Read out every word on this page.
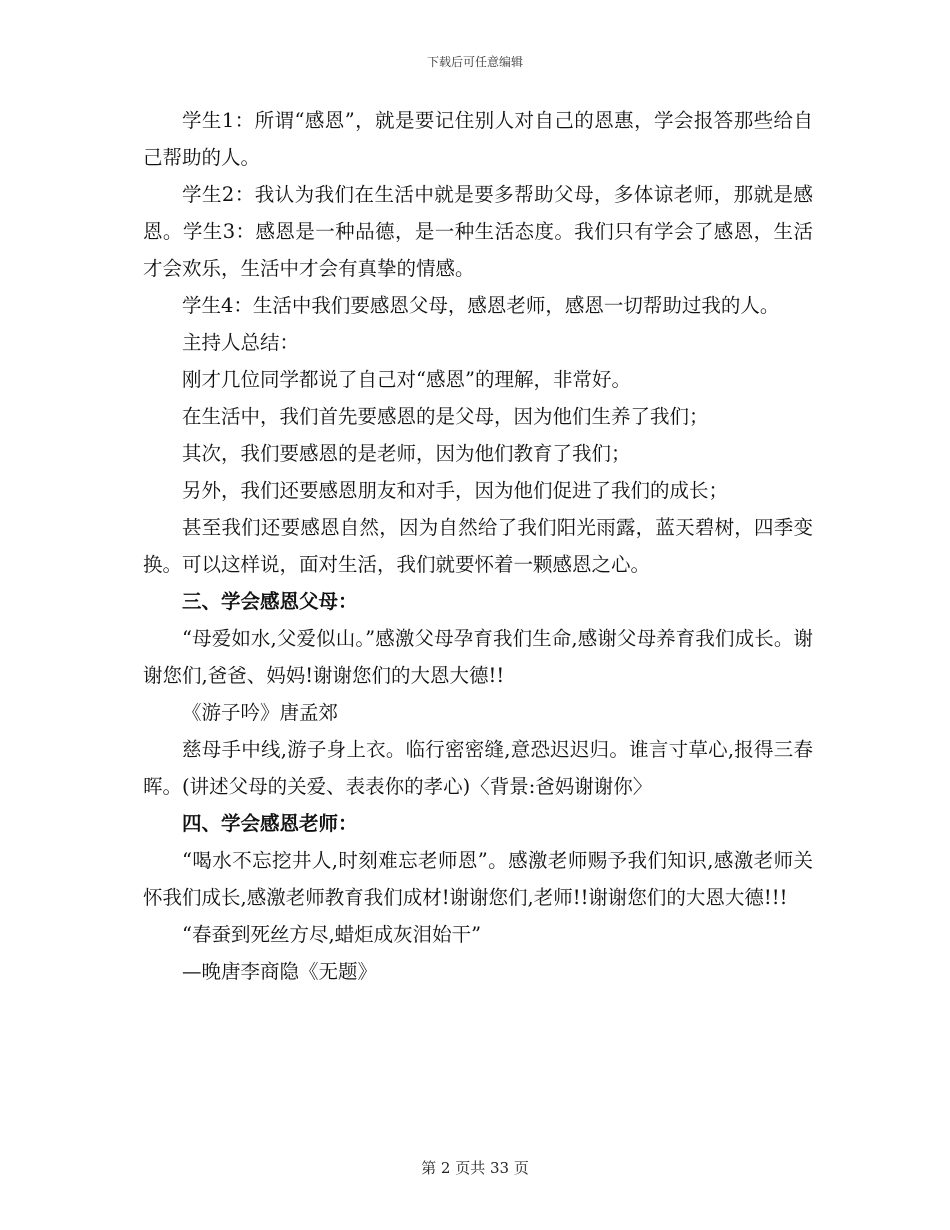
下载后可任意编辑

学生1：所谓“感恩”，就是要记住别人对自己的恩惠，学会报答那些给自己帮助的人。

学生2：我认为我们在生活中就是要多帮助父母，多体谅老师，那就是感恩。学生3：感恩是一种品德，是一种生活态度。我们只有学会了感恩，生活才会欢乐，生活中才会有真挚的情感。

学生4：生活中我们要感恩父母，感恩老师，感恩一切帮助过我的人。

主持人总结：

刚才几位同学都说了自己对“感恩”的理解，非常好。

在生活中，我们首先要感恩的是父母，因为他们生养了我们；

其次，我们要感恩的是老师，因为他们教育了我们；

另外，我们还要感恩朋友和对手，因为他们促进了我们的成长；

甚至我们还要感恩自然，因为自然给了我们阳光雨露，蓝天碧树，四季变换。可以这样说，面对生活，我们就要怀着一颗感恩之心。

三、学会感恩父母：

“母爱如水,父爱似山。”感激父母孕育我们生命,感谢父母养育我们成长。谢谢您们,爸爸、妈妈!谢谢您们的大恩大德!!

《游子吟》唐孟郊

慈母手中线,游子身上衣。临行密密缝,意恐迟迟归。谁言寸草心,报得三春晖。(讲述父母的关爱、表表你的孝心)〈背景:爸妈谢谢你〉

四、学会感恩老师：

“喝水不忘挖井人,时刻难忘老师恩”。感激老师赐予我们知识,感激老师关怀我们成长,感激老师教育我们成材!谢谢您们,老师!!谢谢您们的大恩大德!!!

“春蚕到死丝方尽,蜡炬成灰泪始干”

—晚唐李商隐《无题》

第 2 页共 33 页
